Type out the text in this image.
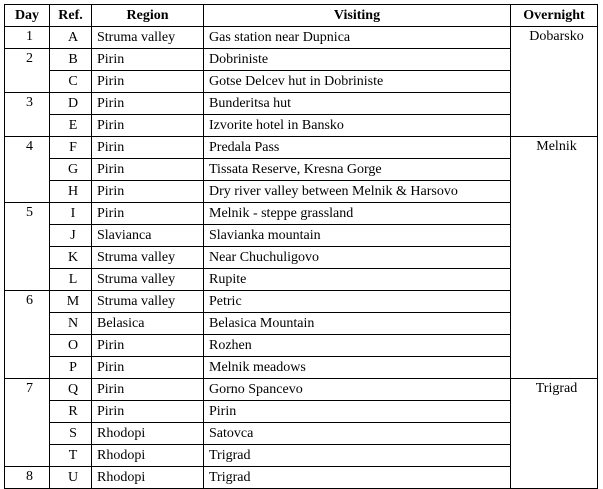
Day	Ref.	Region	Visiting	Overnight
1	A	Struma valley	Gas station near Dupnica	Dobarsko
2	B	Pirin	Dobriniste	
	C	Pirin	Gotse Delcev hut in Dobriniste	
3	D	Pirin	Bunderitsa hut	
	E	Pirin	Izvorite hotel in Bansko	
4	F	Pirin	Predala Pass	Melnik
	G	Pirin	Tissata Reserve, Kresna Gorge	
	H	Pirin	Dry river valley between Melnik & Harsovo	
5	I	Pirin	Melnik - steppe grassland	
	J	Slavianca	Slavianka mountain	
	K	Struma valley	Near Chuchuligovo	
	L	Struma valley	Rupite	
6	M	Struma valley	Petric	
	N	Belasica	Belasica Mountain	
	O	Pirin	Rozhen	
	P	Pirin	Melnik meadows	
7	Q	Pirin	Gorno Spancevo	Trigrad
	R	Pirin	Pirin	
	S	Rhodopi	Satovca	
	T	Rhodopi	Trigrad	
8	U	Rhodopi	Trigrad	
